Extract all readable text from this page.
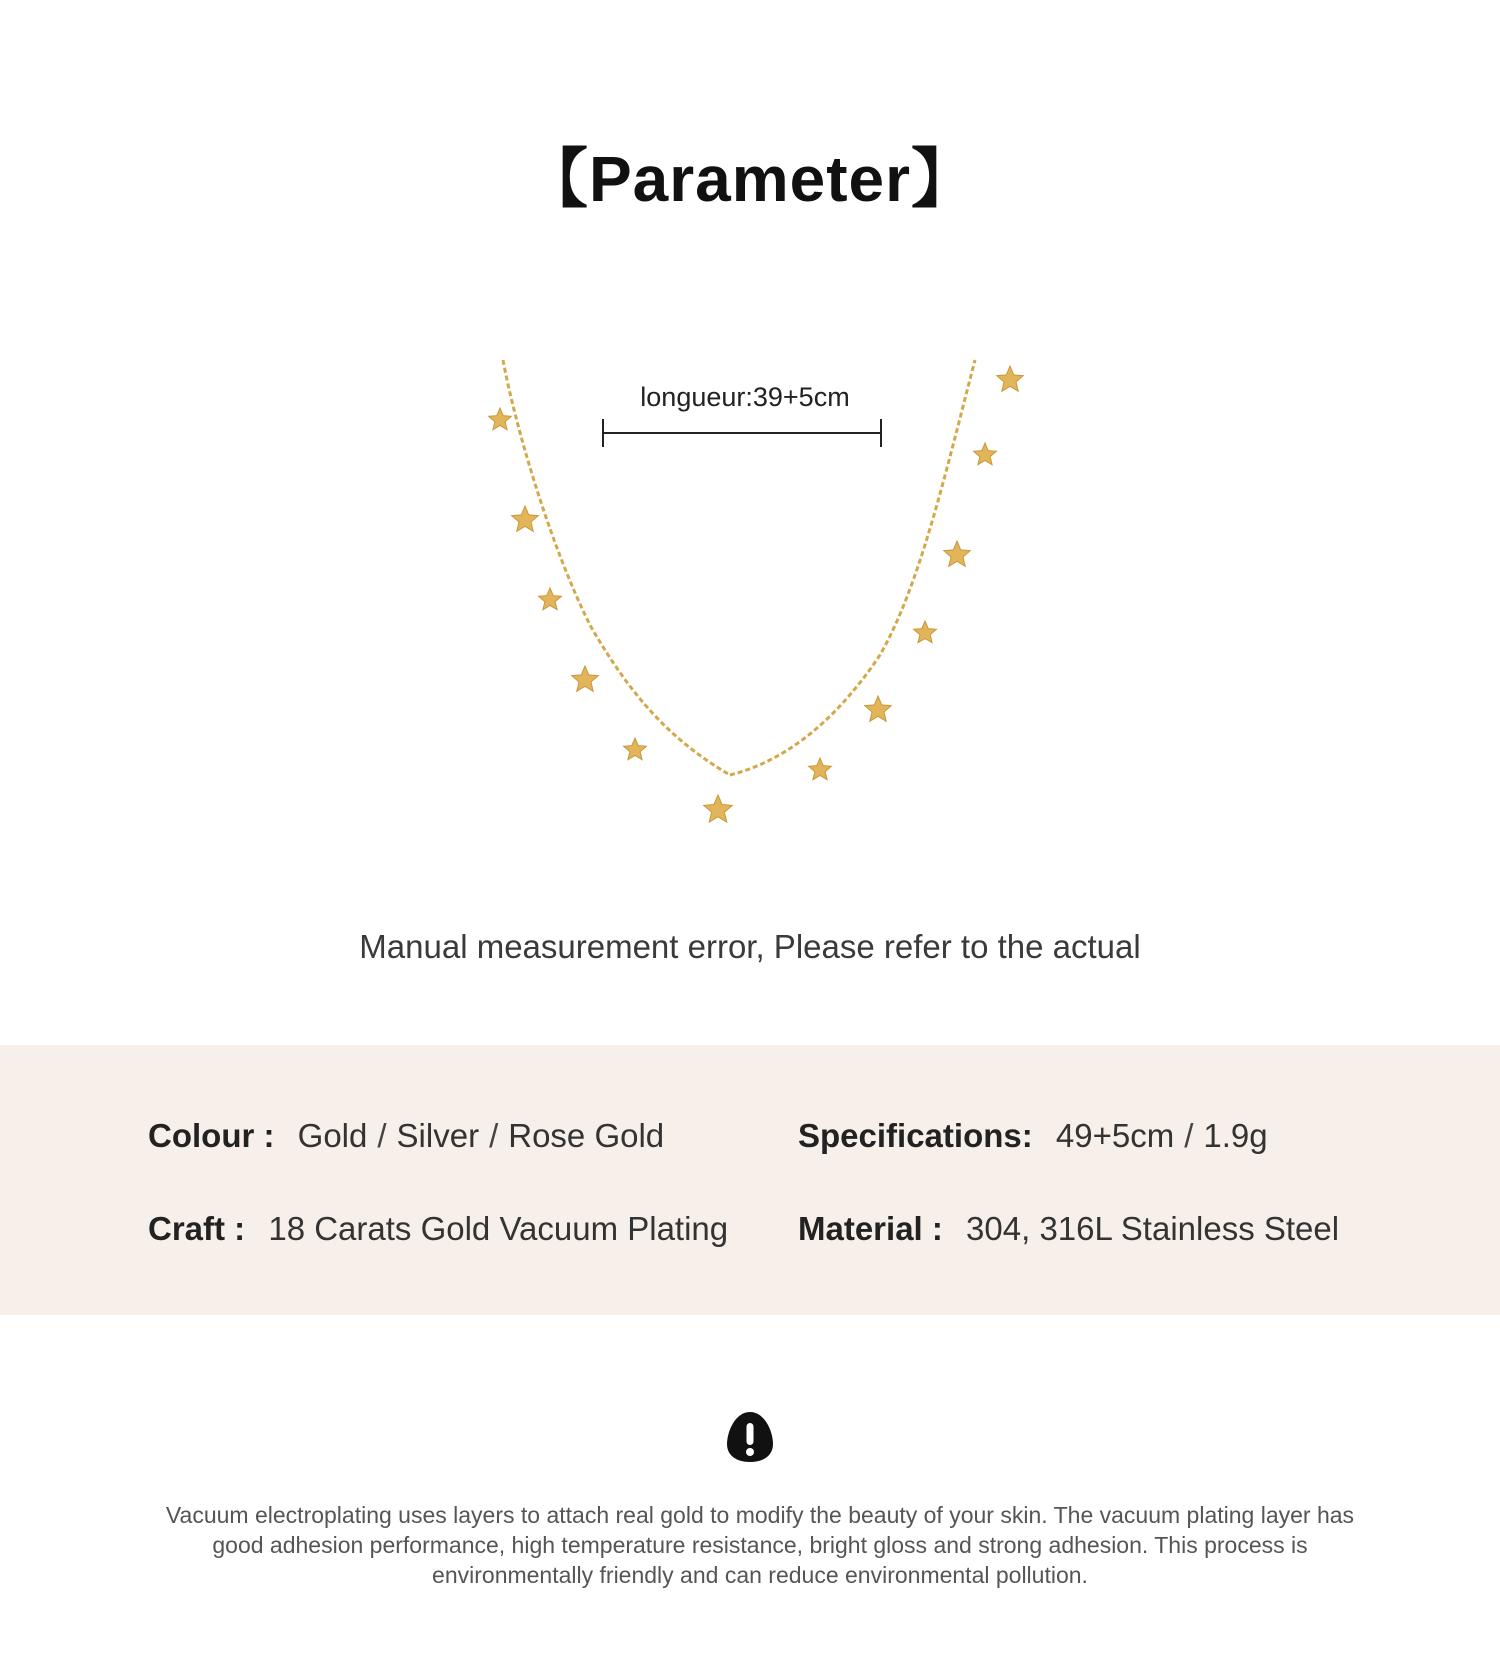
【Parameter】
longueur:39+5cm
Manual measurement error, Please refer to the actual
Colour : Gold / Silver / Rose Gold	Specifications: 49+5cm / 1.9g
Craft : 18 Carats Gold Vacuum Plating Material : 304, 316L Stainless Steel
Vacuum electroplating uses layers to attach real gold to modify the beauty of your skin. The vacuum plating layer has good adhesion performance, high temperature resistance, bright gloss and strong adhesion. This process is environmentally friendly and can reduce environmental pollution.
